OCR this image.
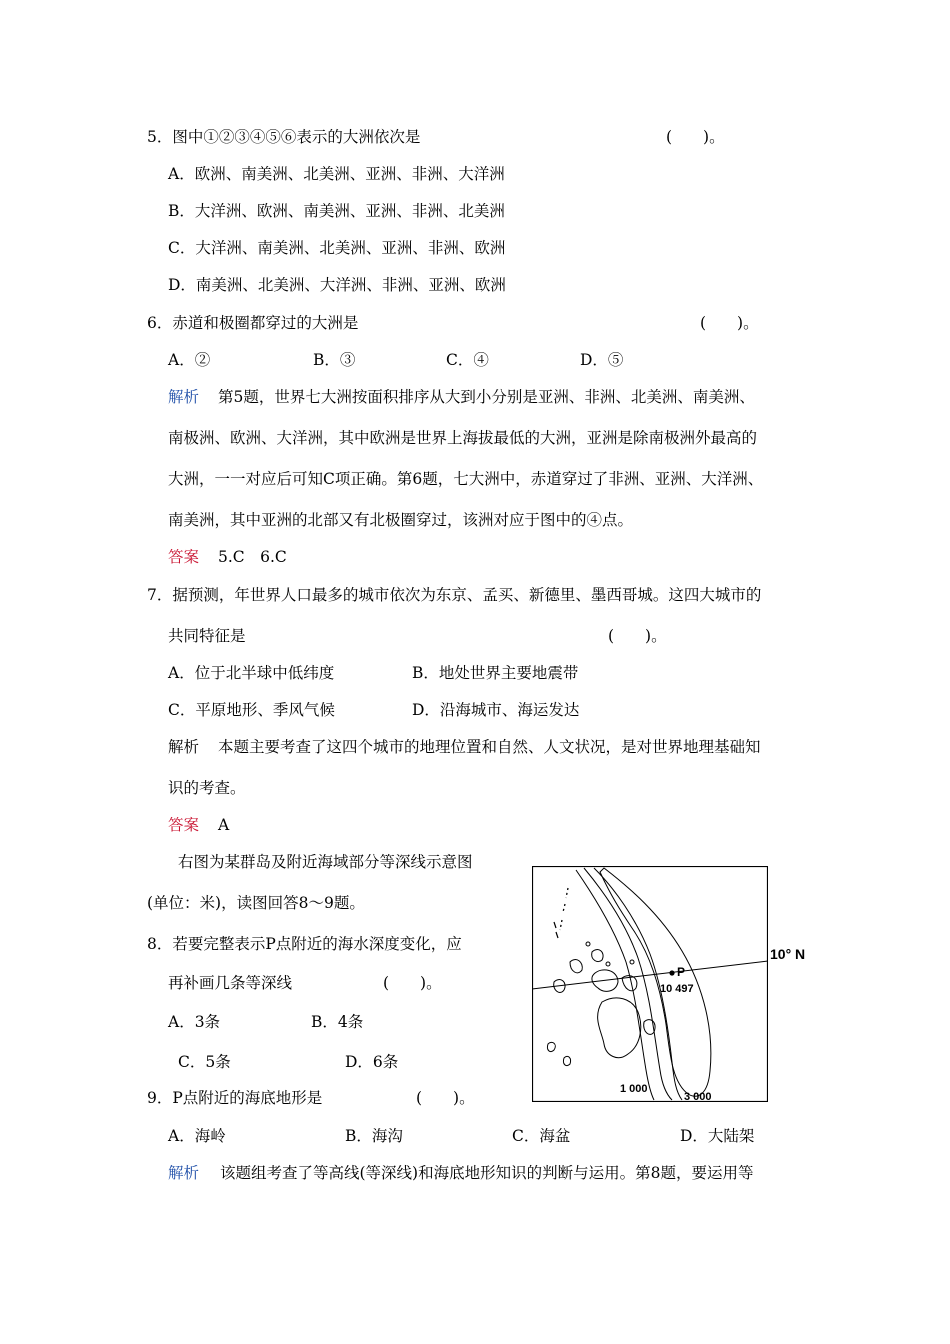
5．图中①②③④⑤⑥表示的大洲依次是	(　　)。
A．欧洲、南美洲、北美洲、亚洲、非洲、大洋洲
B．大洋洲、欧洲、南美洲、亚洲、非洲、北美洲
C．大洋洲、南美洲、北美洲、亚洲、非洲、欧洲
D．南美洲、北美洲、大洋洲、非洲、亚洲、欧洲
6．赤道和极圈都穿过的大洲是	(　　)。
A．②	B．③	C．④	D．⑤
解析 第5题，世界七大洲按面积排序从大到小分别是亚洲、非洲、北美洲、南美洲、
南极洲、欧洲、大洋洲，其中欧洲是世界上海拔最低的大洲，亚洲是除南极洲外最高的
大洲，一一对应后可知C项正确。第6题，七大洲中，赤道穿过了非洲、亚洲、大洋洲、
南美洲，其中亚洲的北部又有北极圈穿过，该洲对应于图中的④点。
答案 5.C　6.C
7．据预测，年世界人口最多的城市依次为东京、孟买、新德里、墨西哥城。这四大城市的
共同特征是	(　　)。
A．位于北半球中低纬度	B．地处世界主要地震带
C．平原地形、季风气候	D．沿海城市、海运发达
解析 本题主要考查了这四个城市的地理位置和自然、人文状况，是对世界地理基础知
识的考查。
答案 A
右图为某群岛及附近海域部分等深线示意图
(单位：米)，读图回答8～9题。
8．若要完整表示P点附近的海水深度变化，应
再补画几条等深线	(　　)。
A．3条	B．4条
C．5条	D．6条
9．P点附近的海底地形是	(　　)。
A．海岭	B．海沟	C．海盆	D．大陆架
解析 该题组考查了等高线(等深线)和海底地形知识的判断与运用。第8题，要运用等
P
10 497
1 000
3 000
10° N
